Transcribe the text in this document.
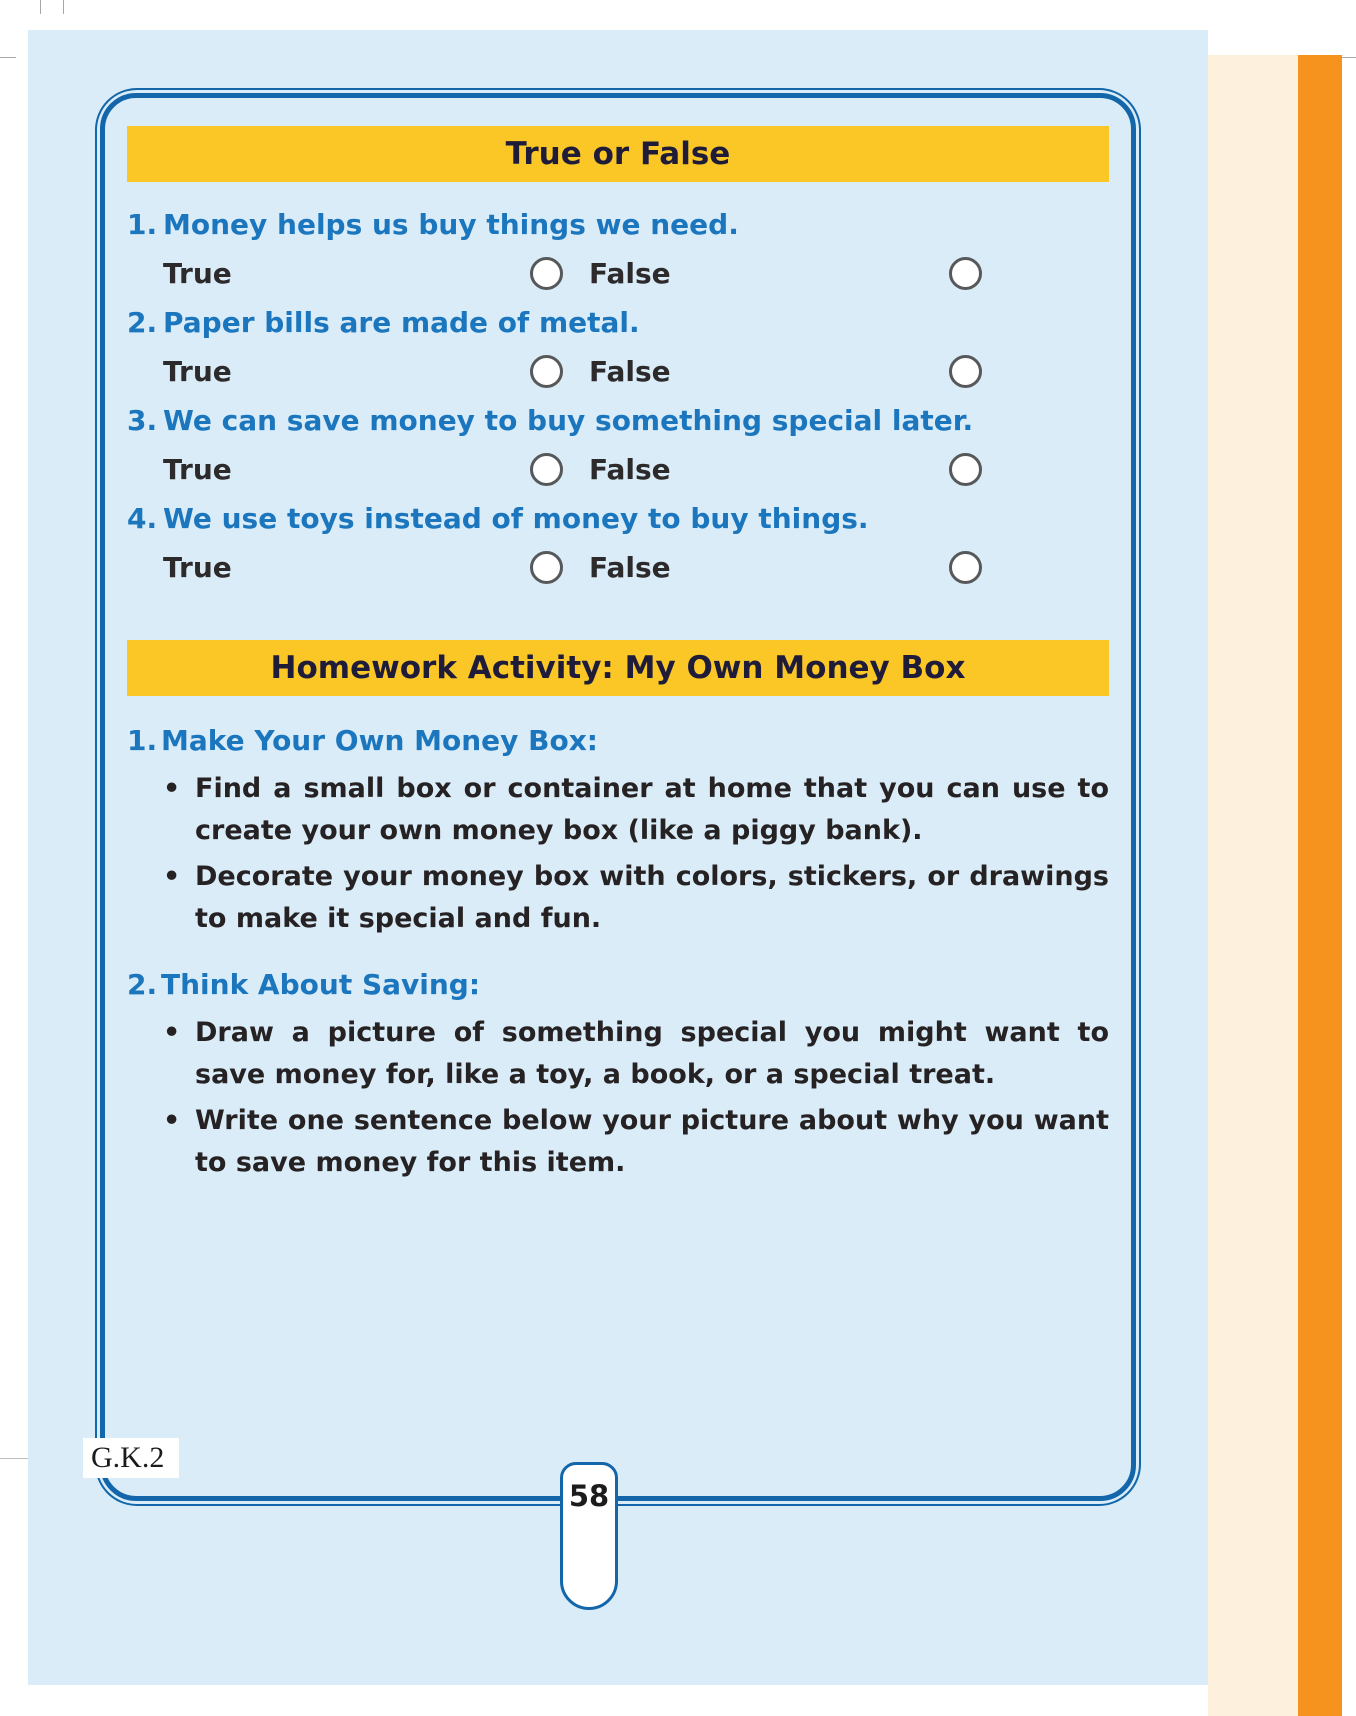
True or False
1. Money helps us buy things we need.
True	False
2. Paper bills are made of metal.
True	False
3. We can save money to buy something special later.
True	False
4. We use toys instead of money to buy things.
True	False
Homework Activity: My Own Money Box
1. Make Your Own Money Box:
• Find a small box or container at home that you can use to create your own money box (like a piggy bank).
• Decorate your money box with colors, stickers, or drawings to make it special and fun.
2. Think About Saving:
• Draw a picture of something special you might want to save money for, like a toy, a book, or a special treat.
• Write one sentence below your picture about why you want to save money for this item.
G.K.2
58
